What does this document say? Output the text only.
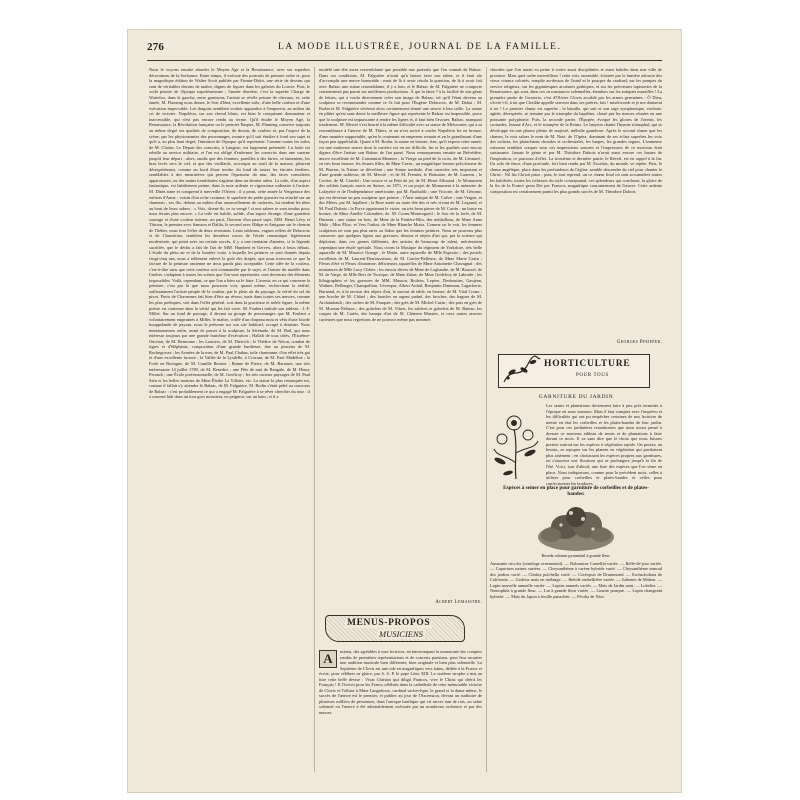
276	LA MODE ILLUSTRÉE, JOURNAL DE LA FAMILLE.
Nous le voyons ensuite aborder le Moyen Age et la Renaissance, avec ses superbes décorations de la Sorbonne. Entre temps, il exécute des portraits de premier ordre et, pour la magnifique édition de Walter Scott publiée par Firmin-Didot, une série de dessins qui sont de véritables dessins de maître, dignes de figurer dans les galeries du Louvre. Puis, le voilà peintre de l'époque napoléonienne ; l'année dernière, c'est la superbe Charge de Waterloo, dans le gauche, entre garnisons, l'artiste se révèle peintre de chevaux, et, cette année, M. Flameng nous donne, le Soir d'Iéna, excellente toile, d'une belle couleur et d'une exécution impeccable. Les dragons semblent vouloir apparaître à l'empereur, au milieu du cri de victoire. Napoléon, sur son cheval blanc, est bien le conquérant dominateur et inaccessible, qui n'est pas encore rendu au terme. Qu'il étudie le Moyen Age, la Renaissance, la Révolution française ou le premier Empire, M. Flameng conserve toujours au même degré ses qualités de composition, de dessin, de couleur et, par l'aspect de la scène, par les physionomies des personnages, montre qu'il sait étudier à fond son sujet et qu'il a, au plus haut degré, l'intuition de l'époque qu'il représente. Comme toutes les toiles de M. Clairin, Le Départ des conscrits, à Langeac, est largement présentée. La foule est rebelle au service militaire, et l'on est obligé d'enfermer les conscrits dans une caserne jusqu'à leur départ ; alors, tandis que des femmes, pareilles à des furies, se lamentent, les bras levés vers le ciel, et que des vieillards, accroupis au seuil de la maison, pleurent désespérément, comme au bord d'une tombe, du fond de toutes les étroites fenêtres, semblables à des meurtrières qui percent l'épaisseur du mur, des faces convulsées apparaissent, ou des mains tremblantes s'agitent dans un dernier adieu. La toile, d'un aspect fantastique, est habilement peinte, dans la note ardente et vigoureuse ordinaire à l'artiste. M. Dinet aime et comprend à merveille l'Orient ; il a peint, cette année la Vengeance des enfants d'Antar : voisin d'un riche costume, le squelette du poète guerrier est attaché sur un chameau ; ses fils, debout au milieu d'un amoncellement de cadavres, lui tendent les têtes au bout de leurs sabres : « Vois, disent-ils, ce tu vengé ! si nos sabres te sont tendus pour, nous ferons plus encore. » La toile est habile, solide, d'un aspect étrange, d'une grandeur sauvage et d'une couleur intense, un parti, l'horreur d'un passé sujet. MM. Henri Lévy et Thirion, le premier avec Samson et Dalila, le second avec Œdipe et Antigone sur le chemin de Thèbes, nous font l'effet de deux revenants. Leurs tableaux, vagues reflets de Delacroix et de Chassériau, semblent les dernières traces de l'école romantique légèrement modernisée, qui peint avec un certain succès, il y a une trentaine d'années, si la légende sacrifiée, que le déchu a fait de l'art de MM. Humbert et Gervex, alors à leurs débuts. L'étude du plein air et de la lumière vraie, à laquelle les peintres se sont donnés depuis vingt-cinq ans, nous a tellement enlevé le goût des drapés, que nous trouvons ce que la facture de la peinture ancienne ne nous paraît plus acceptable. Cette idée de la couleur, c'est-à-dire sans que cette couleur soit commandée par le sujet, et l'artiste du modèle dans l'atelier, s'adaptent à toutes les scènes que l'on veut représenter, sont devenues des éléments impossibles. Voilà, cependant, ce que l'on a bien su le faire. L'avenir, en ce qui concerne la peinture, c'est par là que nous pourrons voir, quand même, recherchant la réalité, suffisamment l'artiste peuple de la couleur, par le plein air du paysage, la vérité du sol du pivot. Puvis de Chavannes fait bien d'être un rêveur, mais dans toutes ses œuvres, comme les plus poétiques, soit dans l'effet général, soit dans la gracieuse et noble figure, la même poésie est contenue dans la vérité qui les fait vivre. M. Foubert intitule son tableau : J.-F. Millet. Sur un fond de paysage, il devant au groupe de personnages que M. Foubert a volontairement empruntés à Millet, le maître, coiffé d'un chapeau mou et vêtu d'une lourde houppelande de paysan, nous le présente sur son site habituel, occupé à dessiner. Nous mentionnerons enfin, avant de passer à la sculpture, la Sérénade, de M. Bail, qui nous intéresse toujours par une grande franchise d'exécution ; Hallali de tous côtés, l'Extrême-Onction, de M. Bernonne ; les Loutiers, de M. Dietrich ; le Théâtre de Néron, combat de tigres et d'éléphants, composition d'une grande hardiesse, due au pinceau de M. Rochegrosse ; les Armées de la mer, de M. Paul Chabas, toile charmante, d'un effet très gai et d'une excellente facture ; la Vallée de la Lysdelle, à Crozant, de M. Paul Madeline ; la Forêt en Bretagne, de M. Camille Bernier ; Bonne de Pierre, de M. Barrauet, une très intéressante 14 juillet 1789, de M. Benedict ; une Fête de nuit de Bengale, de M. Henry Perrault ; une École professionnelle, de M. Geoffroy ; les très curieux paysages de M. Paul Saïn et les belles marines de Mme Élodie La Villette, etc. La statue la plus remarquée est, comme il fallait s'y attendre le Balzac, de M. Falguière. M. Rodin s'était prêté au concours de Balzac : c'est probablement ce qui a engagé M. Falguière à se rêver chercher du tour : il a souvent bâti dans un trou gros monsieur, en peignoir, sur un banc, et il a
modelé une tête assez ressemblante que possible aux portraits que l'on connaît de Balzac. Dans ces conditions, M. Falguière n'avait qu'à laisser faire son talent, et il était sûr d'accomplir une œuvre honorable ; mais de là à avoir résolu la question, de là à avoir fait avec Balzac une statue ressemblante, il y a loin, et le Balzac de M. Falguière ne comporte certainement pas parmi ses meilleures productions. À qui la faute ? à la facilité de son génie de lettres, qui a voulu directement créer son image de Balzac, tel qu'il l'était devenu au sculpteur se recommander comme ce l'a fait pour l'Eugène Delacroix, de M. Dalou ; M. Rodin et M. Falguière sévèrent alors certainement donné une œuvre à leur taille. La statue en plâtre qu'est sans doute la meilleure figure qui représente le Balzac est impossible, parce que la sculpture est impuissante à rendre les lignes et, il faut bien l'avouer, Balzac, manquait totalement. M. Mercié s'est heurté à la même difficulté avec sa statue de Meissonier, qui a sa ressemblance à l'œuvre de M. Thiers, et on n'est arrivé à couler Napoléon Ier en bronze, d'une manière supportable, qu'en le contenant en empereur romain et en le grandissant d'une façon peu appréciable. Quant à M. Rodin, la statue en bronze, fine, qu'il expose cette année, est une maîtresse œuvre dont la carrière est en soi difficile, fin et les qualités sont encore dignes d'être l'artiste son Balzac de l'an passé. Nous remarquerons ensuite au Belvédère, œuvre excellente de M. Constantin Meunier ; la Vierge au pied de la croix, de M. Léonard ; en très beau bronze, les Jeunes filles, de Mme Cazin ; un magnifique bronze polychrome de M. Barrias, la Nature se dévoilant ; une Statue tombale, d'un caractère très important et d'une grande noblesse, de M. Mercié ; et de M. Fremiet, le Boituaire, de M. Laurens ; le Cocher, de M. Ciardel ; Une source et sa Petit de jet, de M. Henri Allouard ; le Monument des soldats français morts en Suisse, en 1871, et un projet de Monument à la mémoire de Lafayette et de l'Indépendance américaine, par M. Bartholdi ; une Victoire, de M. Gérome, qui est devenue un peu sculpteur que peintre ; l'Âme antique de M. Calvet ; une Vergue, et des Mères, par M. Injalbert ; la Rose antée ou toute tête des et très vivant de M. Legrand, et M. Paul Dubois ; la Force opprimant le vizier, un très beau pierre de M. Cariès ; un buste en bronze, de Mme Amélie Colombier, de. M. Cornu-Montorgueil ; le Soir de la forêt, de M. Dumont ; une statue en bois, de Mme de la Pintière-Blin, des médaillons, de Mme Anna Malo ; Miss Élise, et Vers l'infini, de Mme Blanche Moria. Comme on le voit, les femmes sculpteurs ne sont pas plus rares au Salon que les femmes peintres. Nous ne pouvons plus consacrer que quelques lignes aux gravures, dessins et objets d'art qui, par la science qui déploient, dans ces genres différents, des artistes de beaucoup de talent, mériteraient cependant une étude spéciale. Nous citons la Musique du régiment de Yorkshire, très belle aquarelle de M. Maurice Orange ; le Matin, autre aquarelle de Mlle Esposito ; des pastels excellents de M. Laurent-Desrousseaux, de M. Carrier-Belleuse, de Mme Marie Cazin ; Fleurs d'été et Fleurs d'automne, délicieuses aquarelles de Mme Antoinette Chavagnat ; des miniatures de Mlle Lucy Châtes ; les envois divers de Mme de Loghaulte, de M. Roussel, de M. de Varge, de Mlle Berr de Turrique, de Mme Zuber, de Mme Godefroy de Laborde ; les lithographies et les gravures de MM. Masson, Boilvin, Lepère, Desboutins, Gaujean, Waltner, Bellenger, Champollion, Lévesque, Albert Ardail, Benjamin Damman, Lagacherie, Burnand, et, à la section des objets d'art, le surtout de table, en bronze, de M. Vital Cornu ; une broche de M. Châtel ; des boucles en argent patiné, des broches, des bagues de M. Archambault ; des cadres de M. Fouquet ; des grès de M. Michel Cazin ; des pots en grès de M. Moreau-Nélaton ; des gobelets de M. Vibert, les salières et gobelets de M. Bateau, les coupes de M. Cariès, des hanaps d'art de M. Clément Massier, et ceux autres œuvres curieuses que nous regrettons de ne pouvoir même pas nommer.
Albert Lemaistre.
MENUS-PROPOS
MUSICIENS
A	nciens, des sgréables à mes lectrices, en interrompant la monotonie des comptes rendus de premières représentations et de concerts parisiens, pour leur raconter une audition musicale bien différente, bien originale et bien plus solennelle. La Septième de Clovis est une ode en magnifiques vers latins, dédiée à la France et écrite, pour célébrer sa gloire, par S. S. P. le pape Léon XIII. La sixième strophe a mis au titre cette belle devise : Vivat Christus qui diligit Francos, vive le Christ qui chérit les Français ! Il l'écrivit pour les Francs célébrés dans la cathédrale de cette mémorable victoire de Clovis et Tolbiac à Mme Langrétoux, cardinal-archevêque, le grand et la dame même, le succès de l'œuvre est le premier, et publier au jour de l'Ascension, devant un auditoire de plusieurs milliers de personnes, dans l'antique basilique qui vit sacrer tant de rois, on salue solennel ou l'œuvre à été admirablement exécutée par un nombreux orchestre et par des masses
chorales que l'on aurait eu peine à croire aussi disciplinées et aussi habiles dans une ville de province. Mais quel cadre merveilleux ! cette voix rassemble, éclairée par le lumière adoucie des vieux vitraux coloriés, remplie au-dessus de l'autel et le pourpre du cardinal, sur les pompes du service religieux, sur les gigantesques arcatures gothiques, et sur les précieuses tapisseries de la Renaissance, qui sont, dans ces circonstances solennelles, étendues sur les antiques murailles ! La première partie de l'oratorio, c'est d'Olivier Clovis accablé par les armes germaines : Ô Dieu, s'écrie-t-il, à toi que Clotilde appelle souvent dans ses prières, fais ! miséricorde et je me donnerai à toi ! Le premier chœur est superbe ; la bataille, qui suit et son rage symphonique, violente, agitée, désespérée, se termine par le triomphe du baptême, classé par les masses réunies en une puissante polyphonie. Puis, la seconde partie, l'Épopée, évoque les gloires de l'avenir, les croisades, Jeanne d'Arc, et le triomphe de la Reims. Le baryton chante l'hymne triomphal, qui se développe en une phrase pleine de majesté, mélodie grandiose. Après le second chœur que les chœurs, la vois saluer le nom de M. Noté, de l'Opéra, dominant de ses éclats superbes les voix des solistes, les plainchants chorales et orchestrales, les harpes, les grandes orgues. L'immense vaisseau semblait craquer sous ces impressions sonores et l'impression de ce morceau était saisissante. Jamais le génie et par M. Théodore Dubois n'avait aussi encore ces hautes de l'inspiration, ce parcours d'effet. La troisième et dernière partie, le Réveil, est en rappel à la fin. Un solo de ténor, d'une profonde, fort bien rendu par M. Escalais, du monde, se répète. Puis, le chœur angélique, place dans les profondeurs de l'église, semble descendre du ciel pour chanter le Christ : Nil his Christi prius : puis, le tout reprend, un ce chœur final où sont accumulées toutes les habiletés, toutes les richesses du style contrapuntal, ces splendeurs qui concluent, la gloire de la fin de la France gesta Dei per Francos, magnifique couronnement de l'œuvre. Cette ardente composition est certainement parmi les plus grands succès de M. Théodore Dubois.
Georges Pfeiffer.
HORTICULTURE
POUR TOUS
GARNITURE DU JARDIN
Les semis et plantations deviennent faire à peu près terminés à l'époque où nous sommes. Mais il faut compter avec l'imprévu et les difficultés qui ont pu empêcher certaines de nos lectrices de mettre en état les corbeilles et les plates-bandes de leur jardin. C'est pour ces jardinières retardataires que nous avons pensé à dresser ce nouveau tableau de semis et de plantations à faire durant ce mois. Il va sans dire que le choix que nous faisons portera surtout sur les espèces à végétation rapide. On pourra, au besoin, se repiquer sur les plantes en végétation qui produisent plus aisément ; en choisissant les espèces propres aux garnitures, on s'assurera une floraison qui se prolongera jusqu'à la fin de l'été. Voici, tout d'abord, une liste des espèces que l'on sème en place. Nous indiquerons, comme pour le précédent mois, celles à utiliser pour corbeilles et plates-bandes et celles pour confectionner les bordures.
Espèces à semer en place pour garniture de corbeilles et de plates-bandes:
Reseda odorant pyramidal à grande fleur.
Amarante tricolor (semilage ornemental). — Balsamine Camellia variée. — Belle-de-jour variée. — Capucines naines variées. — Chrysanthème à carène hybride varié. — Chrysanthème semoul des jardins varié. — Clarkia pulchella varié. — Coréopsis de Drummond. — Eschscholtzia de Californie. — Godetia mais on mélange. — Ibéride ombellifère variée. — Julienne de Mahon. — Lupin nouvelle annuelle variée. — Lupins annuels variés. — Mais de Jardin nain. — Lobelier. — Nemophila à grande fleur. — Lin à grande fleur variée. — Linaire pourpre. — Lopin changeant hybride. — Maïs du Japon à feuille panachée. — Pécilia de Nice.
